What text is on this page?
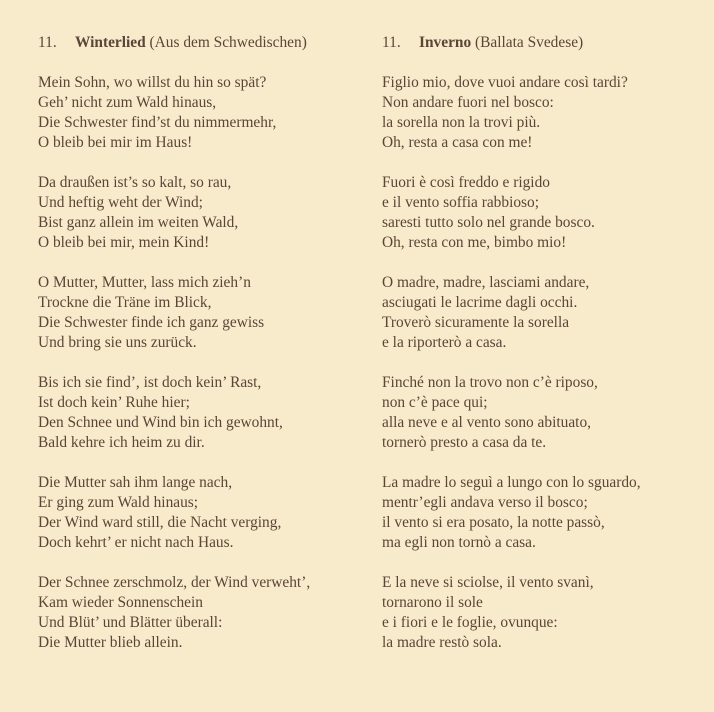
11. Winterlied (Aus dem Schwedischen)
Mein Sohn, wo willst du hin so spät?
Geh’ nicht zum Wald hinaus,
Die Schwester find’st du nimmermehr,
O bleib bei mir im Haus!
Da draußen ist’s so kalt, so rau,
Und heftig weht der Wind;
Bist ganz allein im weiten Wald,
O bleib bei mir, mein Kind!
O Mutter, Mutter, lass mich zieh’n
Trockne die Träne im Blick,
Die Schwester finde ich ganz gewiss
Und bring sie uns zurück.
Bis ich sie find’, ist doch kein’ Rast,
Ist doch kein’ Ruhe hier;
Den Schnee und Wind bin ich gewohnt,
Bald kehre ich heim zu dir.
Die Mutter sah ihm lange nach,
Er ging zum Wald hinaus;
Der Wind ward still, die Nacht verging,
Doch kehrt’ er nicht nach Haus.
Der Schnee zerschmolz, der Wind verweht’,
Kam wieder Sonnenschein
Und Blüt’ und Blätter überall:
Die Mutter blieb allein.
11. Inverno (Ballata Svedese)
Figlio mio, dove vuoi andare così tardi?
Non andare fuori nel bosco:
la sorella non la trovi più.
Oh, resta a casa con me!
Fuori è così freddo e rigido
e il vento soffia rabbioso;
saresti tutto solo nel grande bosco.
Oh, resta con me, bimbo mio!
O madre, madre, lasciami andare,
asciugati le lacrime dagli occhi.
Troverò sicuramente la sorella
e la riporterò a casa.
Finché non la trovo non c’è riposo,
non c’è pace qui;
alla neve e al vento sono abituato,
tornerò presto a casa da te.
La madre lo seguì a lungo con lo sguardo,
mentr’egli andava verso il bosco;
il vento si era posato, la notte passò,
ma egli non tornò a casa.
E la neve si sciolse, il vento svanì,
tornarono il sole
e i fiori e le foglie, ovunque:
la madre restò sola.
